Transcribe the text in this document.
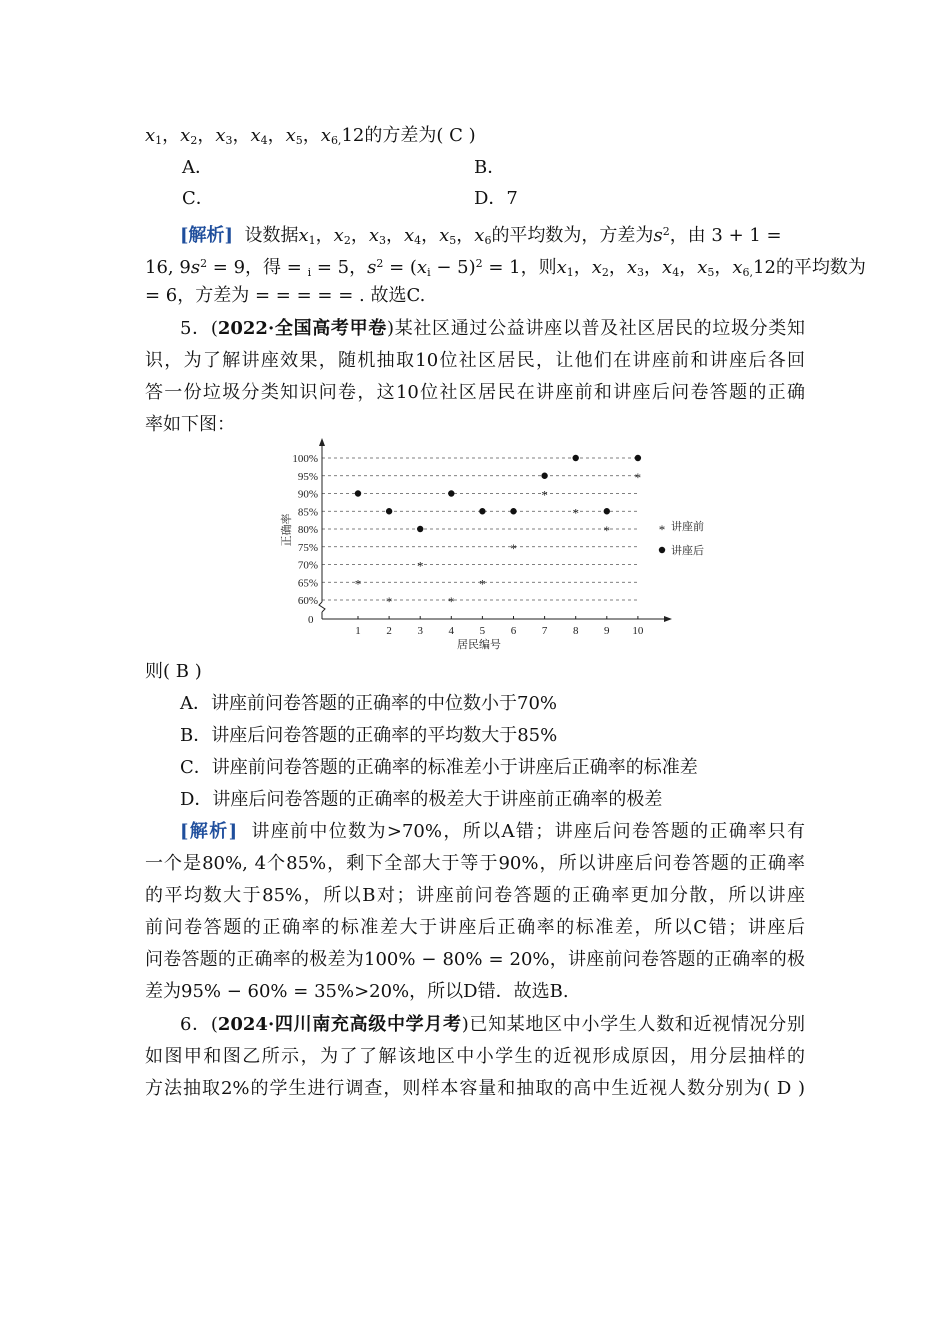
$x_1$，$x_2$，$x_3$，$x_4$，$x_5$，$x_{6,}12$的方差为( C )
A．	B．
C．	D．7
[解析] 设数据$x_1$，$x_2$，$x_3$，$x_4$，$x_5$，$x_6$的平均数为，方差为$s^2$，由 3 + 1 =
16, $9s^2 = 9$，得 = $_i$ = 5，$s^2 = (x_i - 5)^2 = 1$，则$x_1$，$x_2$，$x_3$，$x_4$，$x_5$，$x_{6,}12$的平均数为
= 6，方差为 = = = = = . 故选C.
5．(2022·全国高考甲卷)某社区通过公益讲座以普及社区居民的垃圾分类知
识，为了解讲座效果，随机抽取10位社区居民，让他们在讲座前和讲座后各回
答一份垃圾分类知识问卷，这10位社区居民在讲座前和讲座后问卷答题的正确
率如下图：
0
60%
65%
70%
75%
80%
85%
90%
95%
100%
1 2 3 4 5 6 7 8 9 10
居民编号
正确率
*
*
*
*
*
*
*
*
*
*
* 讲座前
讲座后
则( B )
A．讲座前问卷答题的正确率的中位数小于70%
B．讲座后问卷答题的正确率的平均数大于85%
C．讲座前问卷答题的正确率的标准差小于讲座后正确率的标准差
D．讲座后问卷答题的正确率的极差大于讲座前正确率的极差
[解析] 讲座前中位数为>70%，所以A错；讲座后问卷答题的正确率只有
一个是80%, 4个85%，剩下全部大于等于90%，所以讲座后问卷答题的正确率
的平均数大于85%，所以B对；讲座前问卷答题的正确率更加分散，所以讲座
前问卷答题的正确率的标准差大于讲座后正确率的标准差，所以C错；讲座后
问卷答题的正确率的极差为100% − 80% = 20%，讲座前问卷答题的正确率的极
差为95% − 60% = 35%>20%，所以D错．故选B.
6．(2024·四川南充高级中学月考)已知某地区中小学生人数和近视情况分别
如图甲和图乙所示，为了了解该地区中小学生的近视形成原因，用分层抽样的
方法抽取2%的学生进行调查，则样本容量和抽取的高中生近视人数分别为( D )
